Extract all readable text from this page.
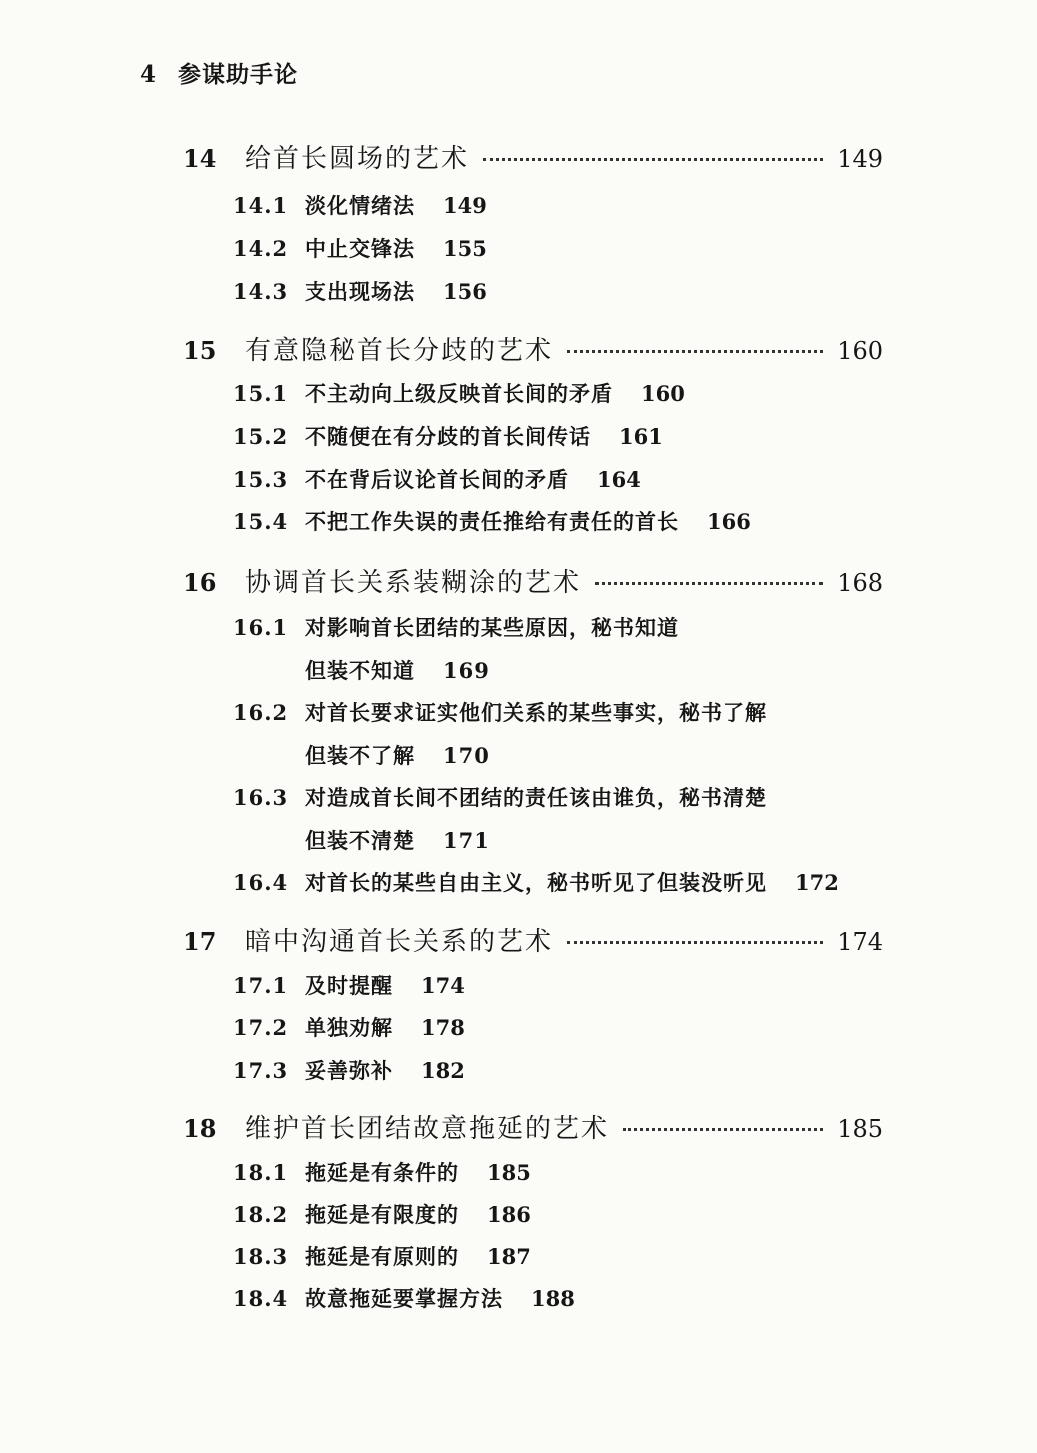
4 参谋助手论
14	给首长圆场的艺术	149
14.1 淡化情绪法 149
14.2 中止交锋法 155
14.3 支出现场法 156
15	有意隐秘首长分歧的艺术	160
15.1 不主动向上级反映首长间的矛盾 160
15.2 不随便在有分歧的首长间传话 161
15.3 不在背后议论首长间的矛盾 164
15.4 不把工作失误的责任推给有责任的首长 166
16	协调首长关系装糊涂的艺术	168
16.1 对影响首长团结的某些原因，秘书知道
但装不知道 169
16.2 对首长要求证实他们关系的某些事实，秘书了解
但装不了解 170
16.3 对造成首长间不团结的责任该由谁负，秘书清楚
但装不清楚 171
16.4 对首长的某些自由主义，秘书听见了但装没听见 172
17	暗中沟通首长关系的艺术	174
17.1 及时提醒 174
17.2 单独劝解 178
17.3 妥善弥补 182
18	维护首长团结故意拖延的艺术	185
18.1 拖延是有条件的 185
18.2 拖延是有限度的 186
18.3 拖延是有原则的 187
18.4 故意拖延要掌握方法 188
